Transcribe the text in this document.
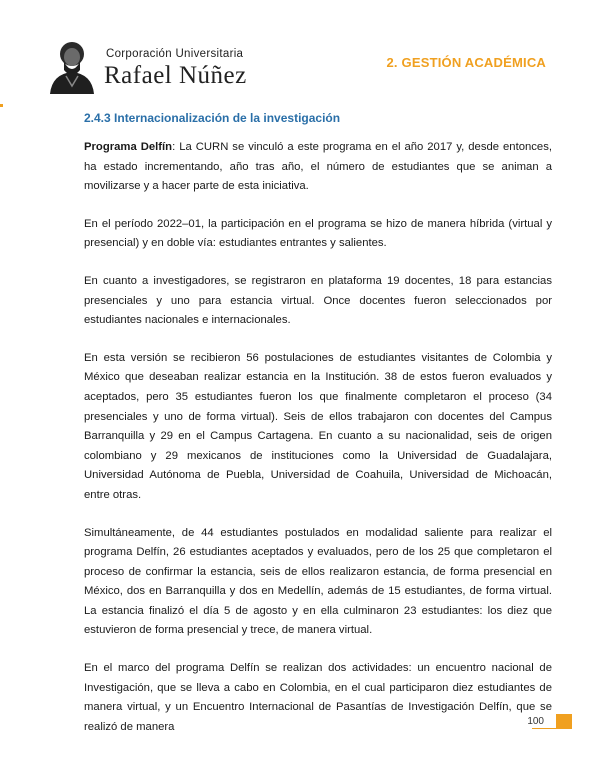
Corporación Universitaria
Rafael Núñez	2. GESTIÓN ACADÉMICA
2.4.3 Internacionalización de la investigación

Programa Delfín: La CURN se vinculó a este programa en el año 2017 y, desde entonces, ha estado incrementando, año tras año, el número de estudiantes que se animan a movilizarse y a hacer parte de esta iniciativa.

En el período 2022–01, la participación en el programa se hizo de manera híbrida (virtual y presencial) y en doble vía: estudiantes entrantes y salientes.

En cuanto a investigadores, se registraron en plataforma 19 docentes, 18 para estancias presenciales y uno para estancia virtual. Once docentes fueron seleccionados por estudiantes nacionales e internacionales.

En esta versión se recibieron 56 postulaciones de estudiantes visitantes de Colombia y México que deseaban realizar estancia en la Institución. 38 de estos fueron evaluados y aceptados, pero 35 estudiantes fueron los que finalmente completaron el proceso (34 presenciales y uno de forma virtual). Seis de ellos trabajaron con docentes del Campus Barranquilla y 29 en el Campus Cartagena. En cuanto a su nacionalidad, seis de origen colombiano y 29 mexicanos de instituciones como la Universidad de Guadalajara, Universidad Autónoma de Puebla, Universidad de Coahuila, Universidad de Michoacán, entre otras.

Simultáneamente, de 44 estudiantes postulados en modalidad saliente para realizar el programa Delfín, 26 estudiantes aceptados y evaluados, pero de los 25 que completaron el proceso de confirmar la estancia, seis de ellos realizaron estancia, de forma presencial en México, dos en Barranquilla y dos en Medellín, además de 15 estudiantes, de forma virtual. La estancia finalizó el día 5 de agosto y en ella culminaron 23 estudiantes: los diez que estuvieron de forma presencial y trece, de manera virtual.

En el marco del programa Delfín se realizan dos actividades: un encuentro nacional de Investigación, que se lleva a cabo en Colombia, en el cual participaron diez estudiantes de manera virtual, y un Encuentro Internacional de Pasantías de Investigación Delfín, que se realizó de manera	100
